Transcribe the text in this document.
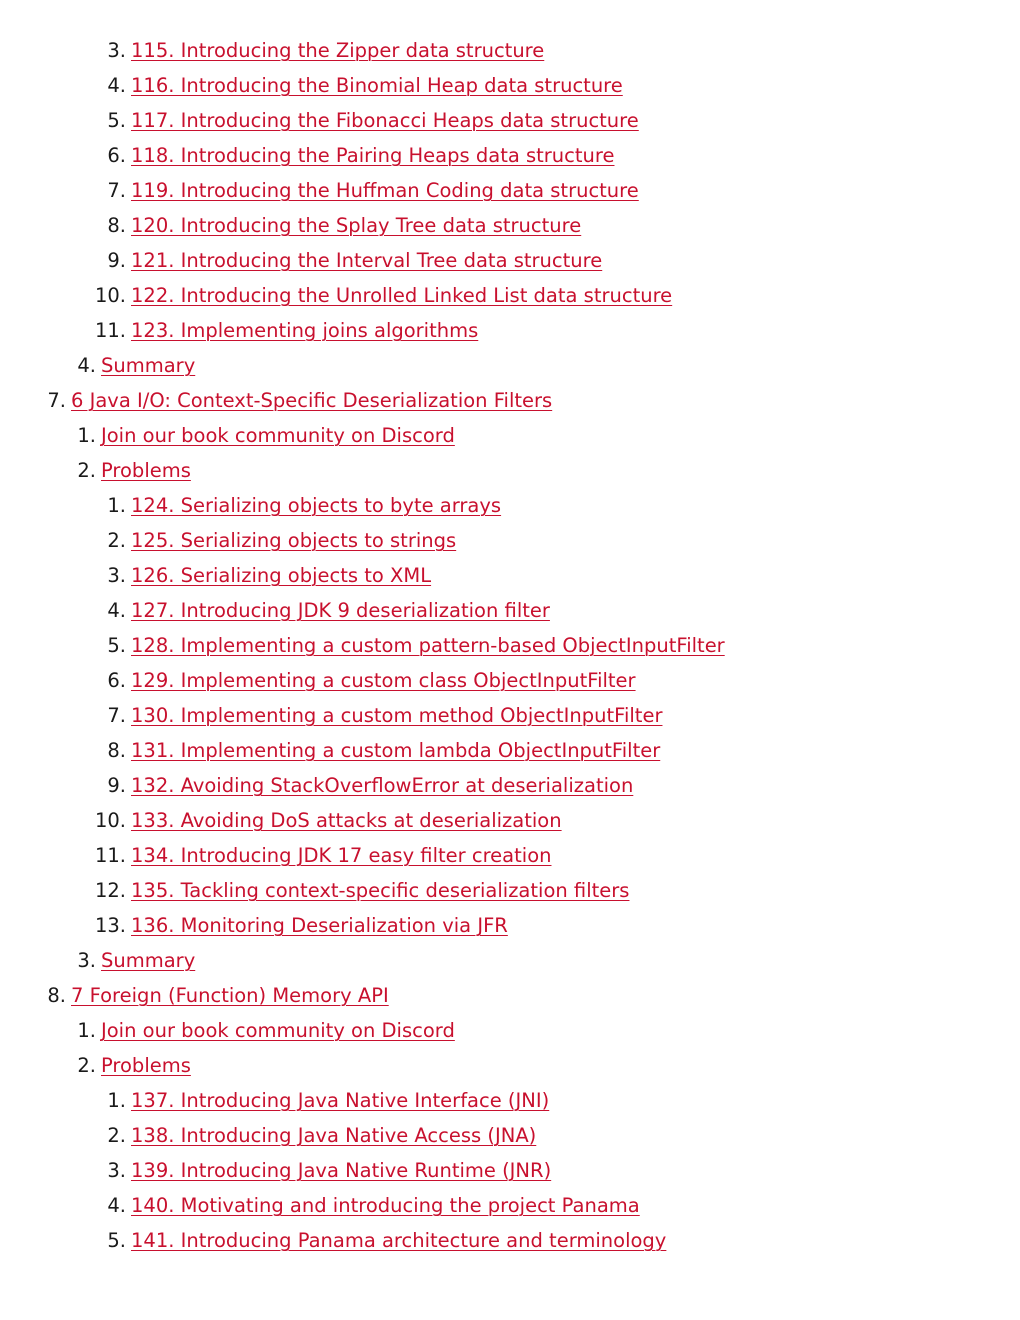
3. 115. Introducing the Zipper data structure
4. 116. Introducing the Binomial Heap data structure
5. 117. Introducing the Fibonacci Heaps data structure
6. 118. Introducing the Pairing Heaps data structure
7. 119. Introducing the Huffman Coding data structure
8. 120. Introducing the Splay Tree data structure
9. 121. Introducing the Interval Tree data structure
10. 122. Introducing the Unrolled Linked List data structure
11. 123. Implementing joins algorithms
4. Summary
7. 6 Java I/O: Context-Specific Deserialization Filters
1. Join our book community on Discord
2. Problems
1. 124. Serializing objects to byte arrays
2. 125. Serializing objects to strings
3. 126. Serializing objects to XML
4. 127. Introducing JDK 9 deserialization filter
5. 128. Implementing a custom pattern-based ObjectInputFilter
6. 129. Implementing a custom class ObjectInputFilter
7. 130. Implementing a custom method ObjectInputFilter
8. 131. Implementing a custom lambda ObjectInputFilter
9. 132. Avoiding StackOverflowError at deserialization
10. 133. Avoiding DoS attacks at deserialization
11. 134. Introducing JDK 17 easy filter creation
12. 135. Tackling context-specific deserialization filters
13. 136. Monitoring Deserialization via JFR
3. Summary
8. 7 Foreign (Function) Memory API
1. Join our book community on Discord
2. Problems
1. 137. Introducing Java Native Interface (JNI)
2. 138. Introducing Java Native Access (JNA)
3. 139. Introducing Java Native Runtime (JNR)
4. 140. Motivating and introducing the project Panama
5. 141. Introducing Panama architecture and terminology
